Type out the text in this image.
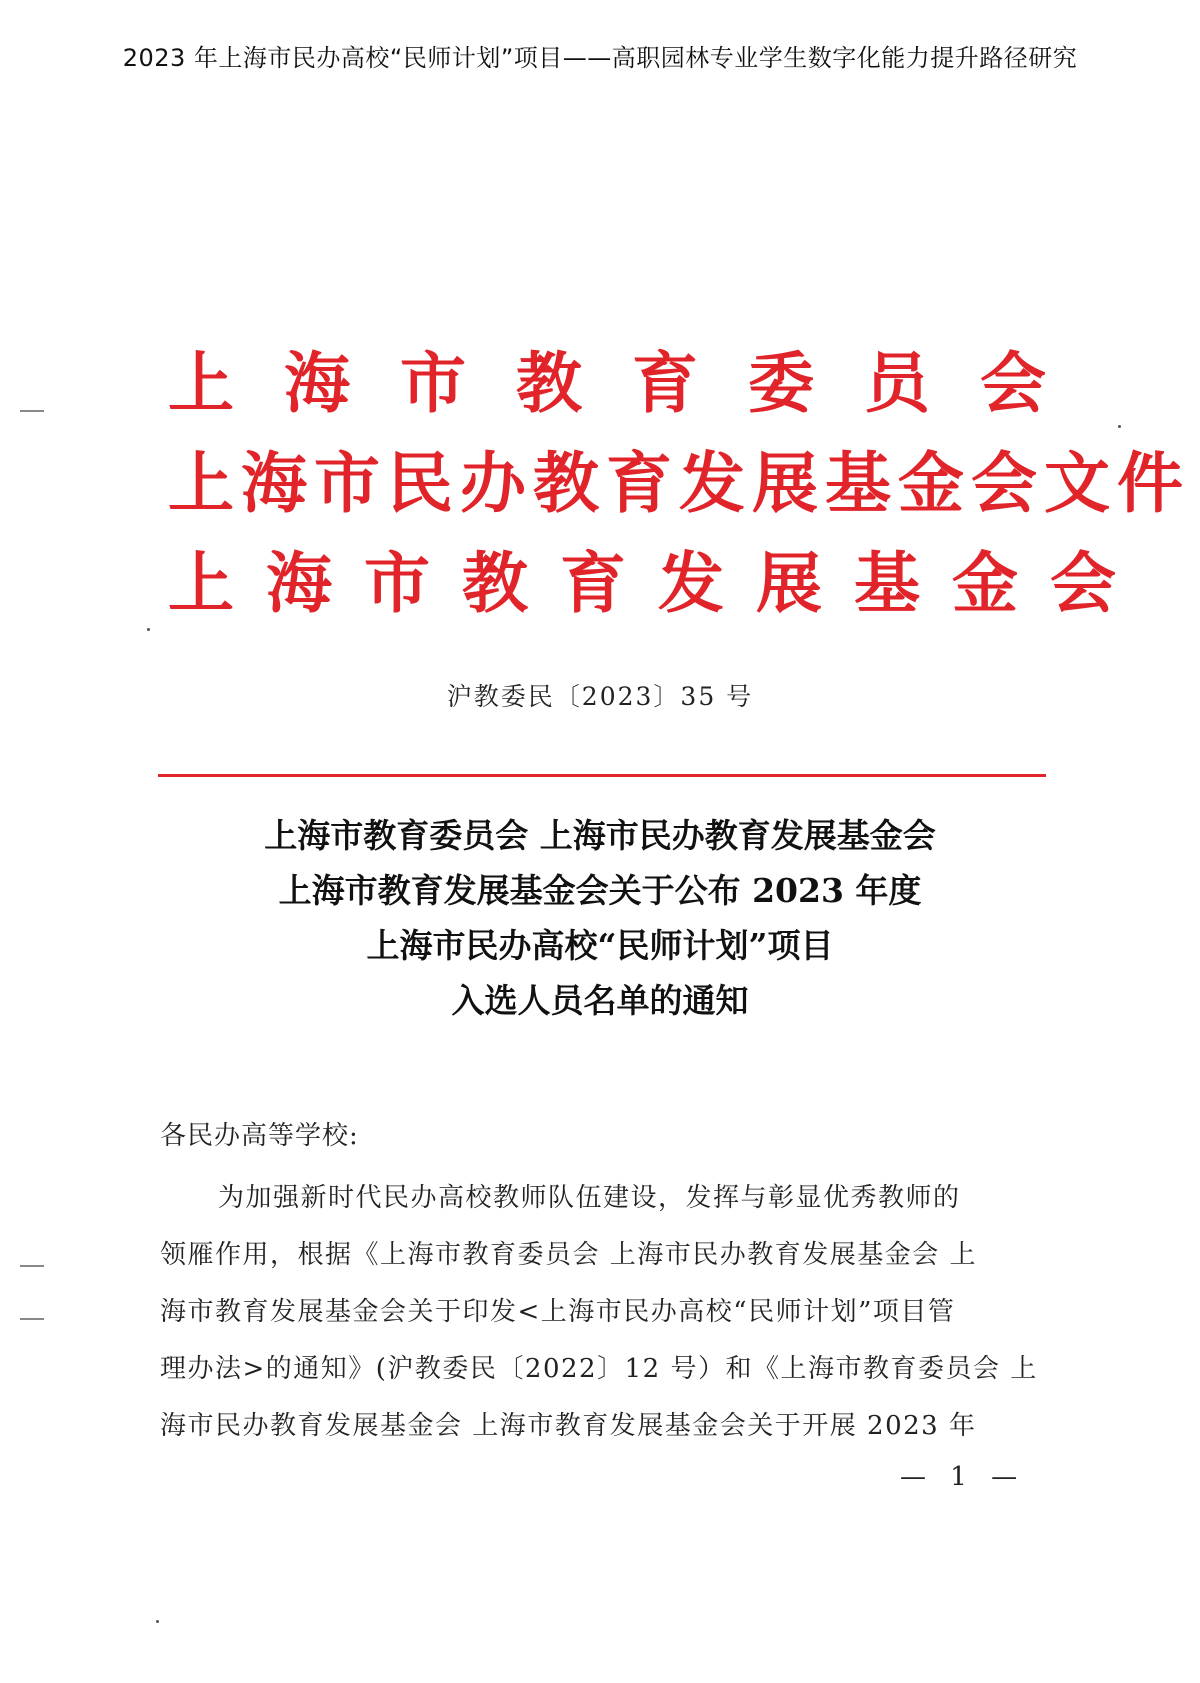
2023 年上海市民办高校“民师计划”项目——高职园林专业学生数字化能力提升路径研究
上海市教育委员会
上海市民办教育发展基金会文件
上海市教育发展基金会
沪教委民〔2023〕35 号
上海市教育委员会 上海市民办教育发展基金会
上海市教育发展基金会关于公布 2023 年度
上海市民办高校“民师计划”项目
入选人员名单的通知
各民办高等学校:
为加强新时代民办高校教师队伍建设，发挥与彰显优秀教师的
领雁作用，根据《上海市教育委员会 上海市民办教育发展基金会 上
海市教育发展基金会关于印发<上海市民办高校“民师计划”项目管
理办法>的通知》(沪教委民〔2022〕12 号）和《上海市教育委员会 上
海市民办教育发展基金会 上海市教育发展基金会关于开展 2023 年
— 1 —
